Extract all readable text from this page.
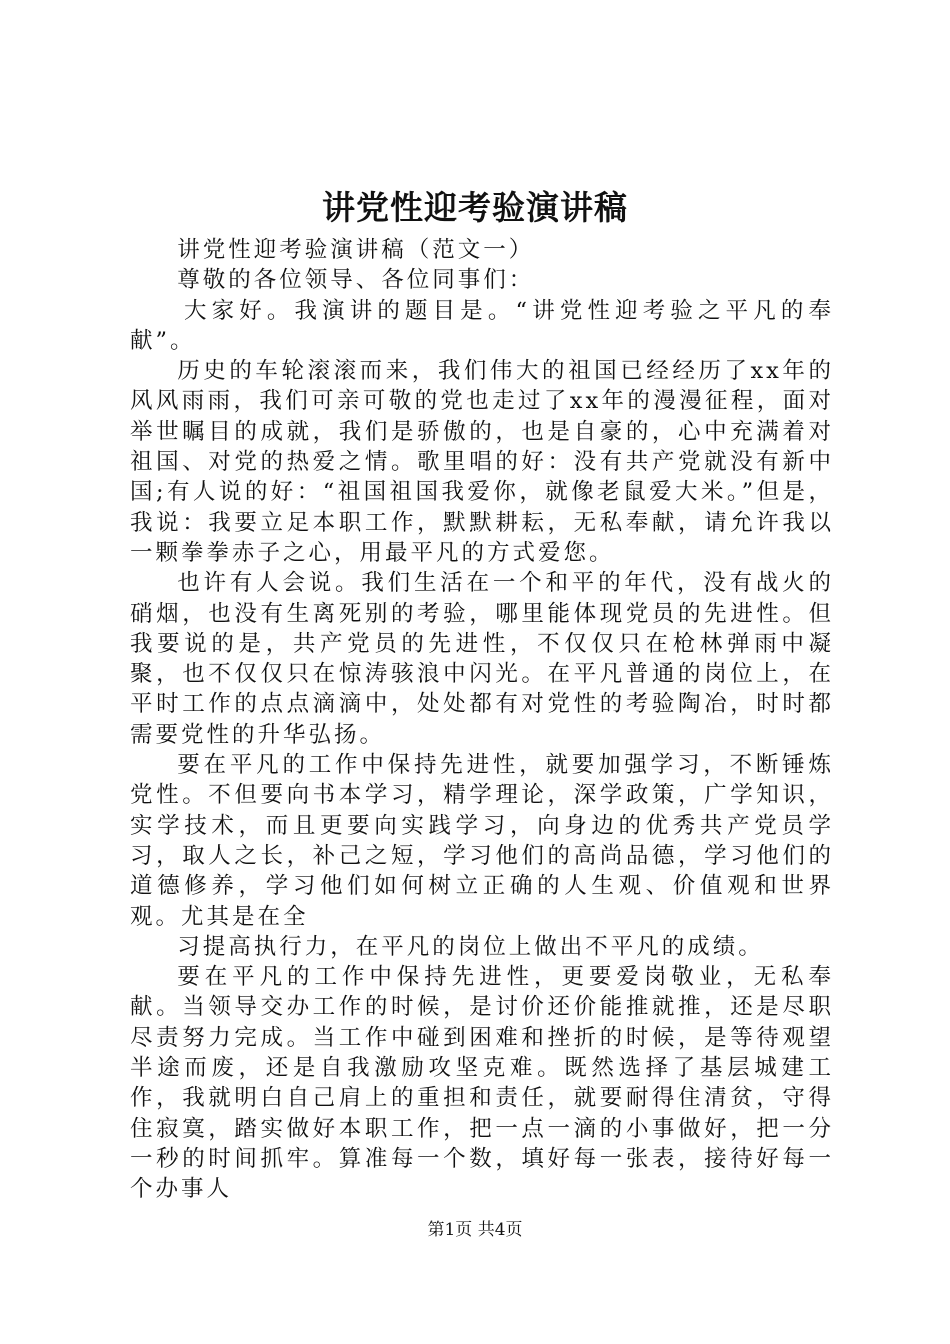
讲党性迎考验演讲稿

讲党性迎考验演讲稿（范文一）

尊敬的各位领导、各位同事们：

大家好。我演讲的题目是。“讲党性迎考验之平凡的奉献”。

历史的车轮滚滚而来，我们伟大的祖国已经经历了xx年的风风雨雨，我们可亲可敬的党也走过了xx年的漫漫征程，面对举世瞩目的成就，我们是骄傲的，也是自豪的，心中充满着对祖国、对党的热爱之情。歌里唱的好：没有共产党就没有新中国;有人说的好：“祖国祖国我爱你，就像老鼠爱大米。”但是，我说：我要立足本职工作，默默耕耘，无私奉献，请允许我以一颗拳拳赤子之心，用最平凡的方式爱您。

也许有人会说。我们生活在一个和平的年代，没有战火的硝烟，也没有生离死别的考验，哪里能体现党员的先进性。但我要说的是，共产党员的先进性，不仅仅只在枪林弹雨中凝聚，也不仅仅只在惊涛骇浪中闪光。在平凡普通的岗位上，在平时工作的点点滴滴中，处处都有对党性的考验陶冶，时时都需要党性的升华弘扬。

要在平凡的工作中保持先进性，就要加强学习，不断锤炼党性。不但要向书本学习，精学理论，深学政策，广学知识，实学技术，而且更要向实践学习，向身边的优秀共产党员学习，取人之长，补己之短，学习他们的高尚品德，学习他们的道德修养，学习他们如何树立正确的人生观、价值观和世界观。尤其是在全

习提高执行力，在平凡的岗位上做出不平凡的成绩。

要在平凡的工作中保持先进性，更要爱岗敬业，无私奉献。当领导交办工作的时候，是讨价还价能推就推，还是尽职尽责努力完成。当工作中碰到困难和挫折的时候，是等待观望半途而废，还是自我激励攻坚克难。既然选择了基层城建工作，我就明白自己肩上的重担和责任，就要耐得住清贫，守得住寂寞，踏实做好本职工作，把一点一滴的小事做好，把一分一秒的时间抓牢。算准每一个数，填好每一张表，接待好每一个办事人

第1页 共4页
